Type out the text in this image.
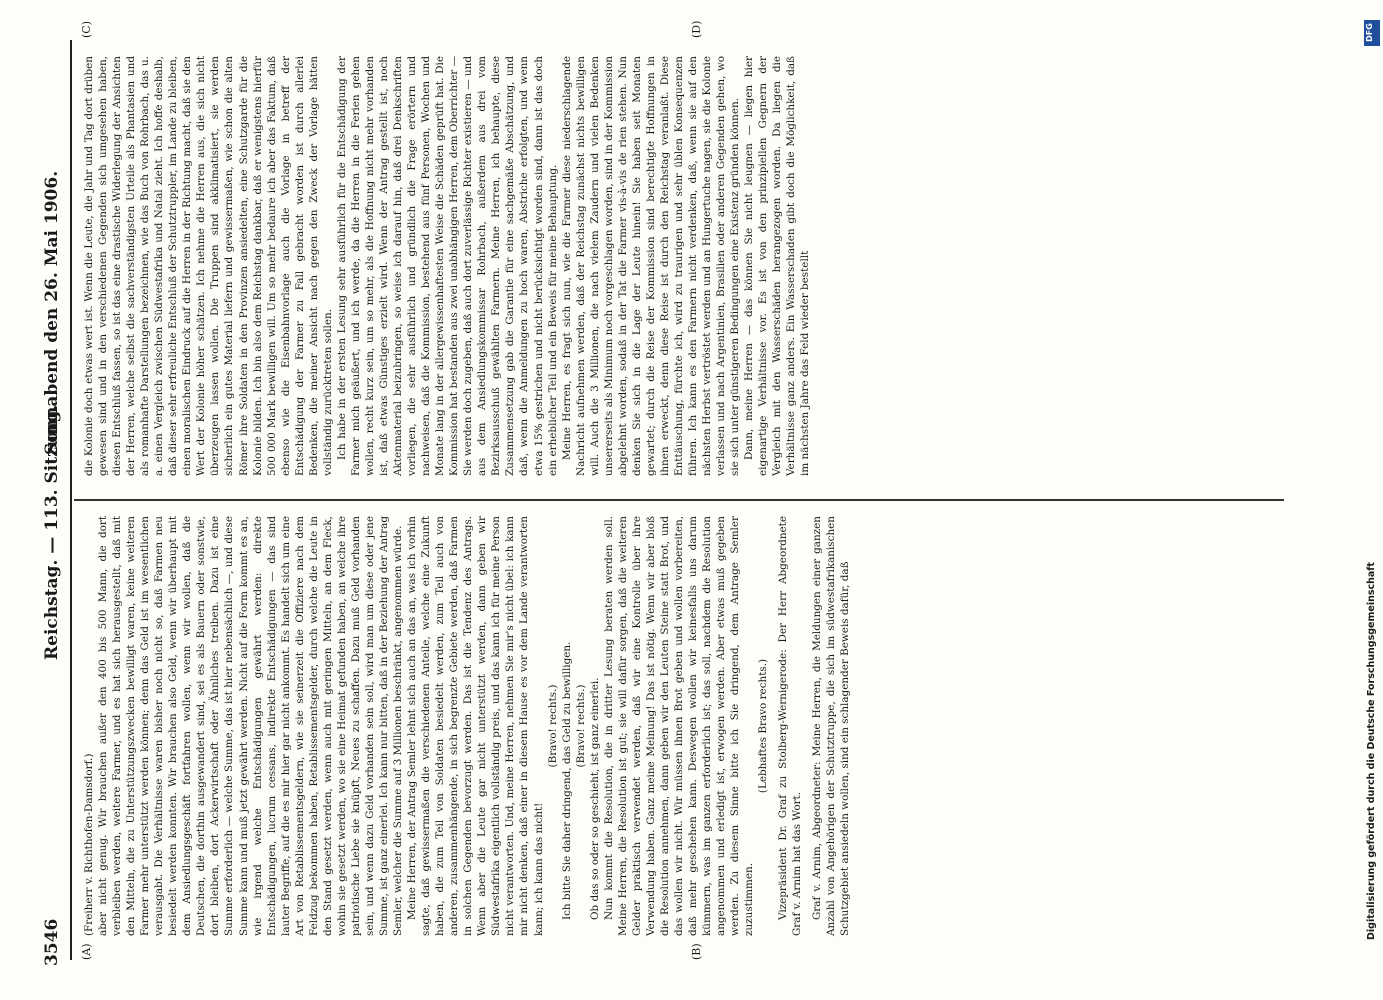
3546
Reichstag. — 113. Sitzung.
Sonnabend den 26. Mai 1906.
(A)	(B)
(C)	(D)

(Freiherr v. Richthofen-Damsdorf.) aber nicht genug. Wir brauchen außer den 400 bis 500 Mann, die dort verbleiben werden, weitere Farmer, und es hat sich herausgestellt, daß mit den Mitteln, die zu Unterstützungszwecken bewilligt waren, keine weiteren Farmer mehr unterstützt werden können; denn das Geld ist im wesentlichen verausgabt. Die Verhältnisse waren bisher noch nicht so, daß Farmen neu besiedelt werden konnten. Wir brauchen also Geld, wenn wir überhaupt mit dem Ansiedlungsgeschäft fortfahren wollen, wenn wir wollen, daß die Deutschen, die dorthin ausgewandert sind, sei es als Bauern oder sonstwie, dort bleiben, dort Ackerwirtschaft oder Ähnliches treiben. Dazu ist eine Summe erforderlich — welche Summe, das ist hier nebensächlich —, und diese Summe kann und muß jetzt gewährt werden. Nicht auf die Form kommt es an, wie irgend welche Entschädigungen gewährt werden: direkte Entschädigungen, lucrum cessans, indirekte Entschädigungen — das sind lauter Begriffe, auf die es mir hier gar nicht ankommt. Es handelt sich um eine Art von Retablissementsgeldern, wie sie seinerzeit die Offiziere nach dem Feldzug bekommen haben, Retablissementsgelder, durch welche die Leute in den Stand gesetzt werden, wenn auch mit geringen Mitteln, an dem Fleck, wohin sie gesetzt werden, wo sie eine Heimat gefunden haben, an welche ihre patriotische Liebe sie knüpft, Neues zu schaffen. Dazu muß Geld vorhanden sein, und wenn dazu Geld vorhanden sein soll, wird man um diese oder jene Summe, ist ganz einerlei. Ich kann nur bitten, daß in der Beziehung der Antrag Semler, welcher die Summe auf 3 Millionen beschränkt, angenommen würde. Meine Herren, der Antrag Semler lehnt sich auch an das an, was ich vorhin sagte, daß gewissermaßen die verschiedenen Anteile, welche eine Zukunft haben, die zum Teil von Soldaten besiedelt werden, zum Teil auch von anderen, zusammenhängende, in sich begrenzte Gebiete werden, daß Farmen in solchen Gegenden bevorzugt werden. Das ist die Tendenz des Antrags. Wenn aber die Leute gar nicht unterstützt werden, dann geben wir Südwestafrika eigentlich vollständig preis, und das kann ich für meine Person nicht verantworten. Und, meine Herren, nehmen Sie mir's nicht übel: ich kann mir nicht denken, daß einer in diesem Hause es vor dem Lande verantworten kann; ich kann das nicht!

(Bravo! rechts.) Ich bitte Sie daher dringend, das Geld zu bewilligen. (Bravo! rechts.) Ob das so oder so geschieht, ist ganz einerlei. Nun kommt die Resolution, die in dritter Lesung beraten werden soll. Meine Herren, die Resolution ist gut; sie will dafür sorgen, daß die weiteren Gelder praktisch verwendet werden, daß wir eine Kontrolle über ihre Verwendung haben. Ganz meine Meinung! Das ist nötig. Wenn wir aber bloß die Resolution annehmen, dann geben wir den Leuten Steine statt Brot, und das wollen wir nicht. Wir müssen ihnen Brot geben und wollen vorbereiten, daß mehr geschehen kann. Deswegen wollen wir keinesfalls uns darum kümmern, was im ganzen erforderlich ist; das soll, nachdem die Resolution angenommen und erledigt ist, erwogen werden. Aber etwas muß gegeben werden. Zu diesem Sinne bitte ich Sie dringend, dem Antrage Semler zuzustimmen.

(Lebhaftes Bravo rechts.) Vizepräsident Dr. Graf zu Stolberg-Wernigerode: Der Herr Abgeordnete Graf v. Arnim hat das Wort. Graf v. Arnim, Abgeordneter: Meine Herren, die Meldungen einer ganzen Anzahl von Angehörigen der Schutztruppe, die sich im südwestafrikanischen Schutzgebiet ansiedeln wollen, sind ein schlagender Beweis dafür, daß

die Kolonie doch etwas wert ist. Wenn die Leute, die Jahr und Tag dort drüben gewesen sind und in den verschiedenen Gegenden sich umgesehen haben, diesen Entschluß fassen, so ist das eine drastische Widerlegung der Ansichten der Herren, welche selbst die sachverständigsten Urteile als Phantasien und als romanhafte Darstellungen bezeichnen, wie das Buch von Rohrbach, das u. a. einen Vergleich zwischen Südwestafrika und Natal zieht. Ich hoffe deshalb, daß dieser sehr erfreuliche Entschluß der Schutztruppler, im Lande zu bleiben, einen moralischen Eindruck auf die Herren in der Richtung macht, daß sie den Wert der Kolonie höher schätzen. Ich nehme die Herren aus, die sich nicht überzeugen lassen wollen. Die Truppen sind akklimatisiert, sie werden sicherlich ein gutes Material liefern und gewissermaßen, wie schon die alten Römer ihre Soldaten in den Provinzen ansiedelten, eine Schutzgarde für die Kolonie bilden. Ich bin also dem Reichstag dankbar, daß er wenigstens hierfür 500 000 Mark bewilligen will. Um so mehr bedaure ich aber das Faktum, daß ebenso wie die Eisenbahnvorlage auch die Vorlage in betreff der Entschädigung der Farmer zu Fall gebracht worden ist durch allerlei Bedenken, die meiner Ansicht nach gegen den Zweck der Vorlage hätten vollständig zurücktreten sollen. Ich habe in der ersten Lesung sehr ausführlich für die Entschädigung der Farmer mich geäußert, und ich werde, da die Herren in die Ferien gehen wollen, recht kurz sein, um so mehr, als die Hoffnung nicht mehr vorhanden ist, daß etwas Günstiges erzielt wird. Wenn der Antrag gestellt ist, noch Aktenmaterial beizubringen, so weise ich darauf hin, daß drei Denkschriften vorliegen, die sehr ausführlich und gründlich die Frage erörtern und nachweisen, daß die Kommission, bestehend aus fünf Personen, Wochen und Monate lang in der allergewissenhaftesten Weise die Schäden geprüft hat. Die Kommission hat bestanden aus zwei unabhängigen Herren, dem Oberrichter — Sie werden doch zugeben, daß auch dort zuverlässige Richter existieren — und aus dem Ansiedlungskommissar Rohrbach, außerdem aus drei vom Bezirksausschuß gewählten Farmern. Meine Herren, ich behaupte, diese Zusammensetzung gab die Garantie für eine sachgemäße Abschätzung, und daß, wenn die Anmeldungen zu hoch waren, Abstriche erfolgten, und wenn etwa 15% gestrichen und nicht berücksichtigt worden sind, dann ist das doch ein erheblicher Teil und ein Beweis für meine Behauptung. Meine Herren, es fragt sich nun, wie die Farmer diese niederschlagende Nachricht aufnehmen werden, daß der Reichstag zunächst nichts bewilligen will. Auch die 3 Millionen, die nach vielem Zaudern und vielen Bedenken unsererseits als Minimum noch vorgeschlagen worden, sind in der Kommission abgelehnt worden, sodaß in der Tat die Farmer vis-à-vis de rien stehen. Nun denken Sie sich in die Lage der Leute hinein! Sie haben seit Monaten gewartet; durch die Reise der Kommission sind berechtigte Hoffnungen in ihnen erweckt, denn diese Reise ist durch den Reichstag veranlaßt. Diese Enttäuschung, fürchte ich, wird zu traurigen und sehr üblen Konsequenzen führen. Ich kann es den Farmern nicht verdenken, daß, wenn sie auf den nächsten Herbst vertröstet werden und an Hungertuche nagen, sie die Kolonie verlassen und nach Argentinien, Brasilien oder anderen Gegenden gehen, wo sie sich unter günstigeren Bedingungen eine Existenz gründen können. Dann, meine Herren — das können Sie nicht leugnen — liegen hier eigenartige Verhältnisse vor. Es ist von den prinzipiellen Gegnern der Vergleich mit den Wasserschäden herangezogen worden. Da liegen die Verhältnisse ganz anders. Ein Wasserschaden gibt doch die Möglichkeit, daß im nächsten Jahre das Feld wieder bestellt

Digitalisierung gefördert durch die Deutsche Forschungsgemeinschaft
DFG
